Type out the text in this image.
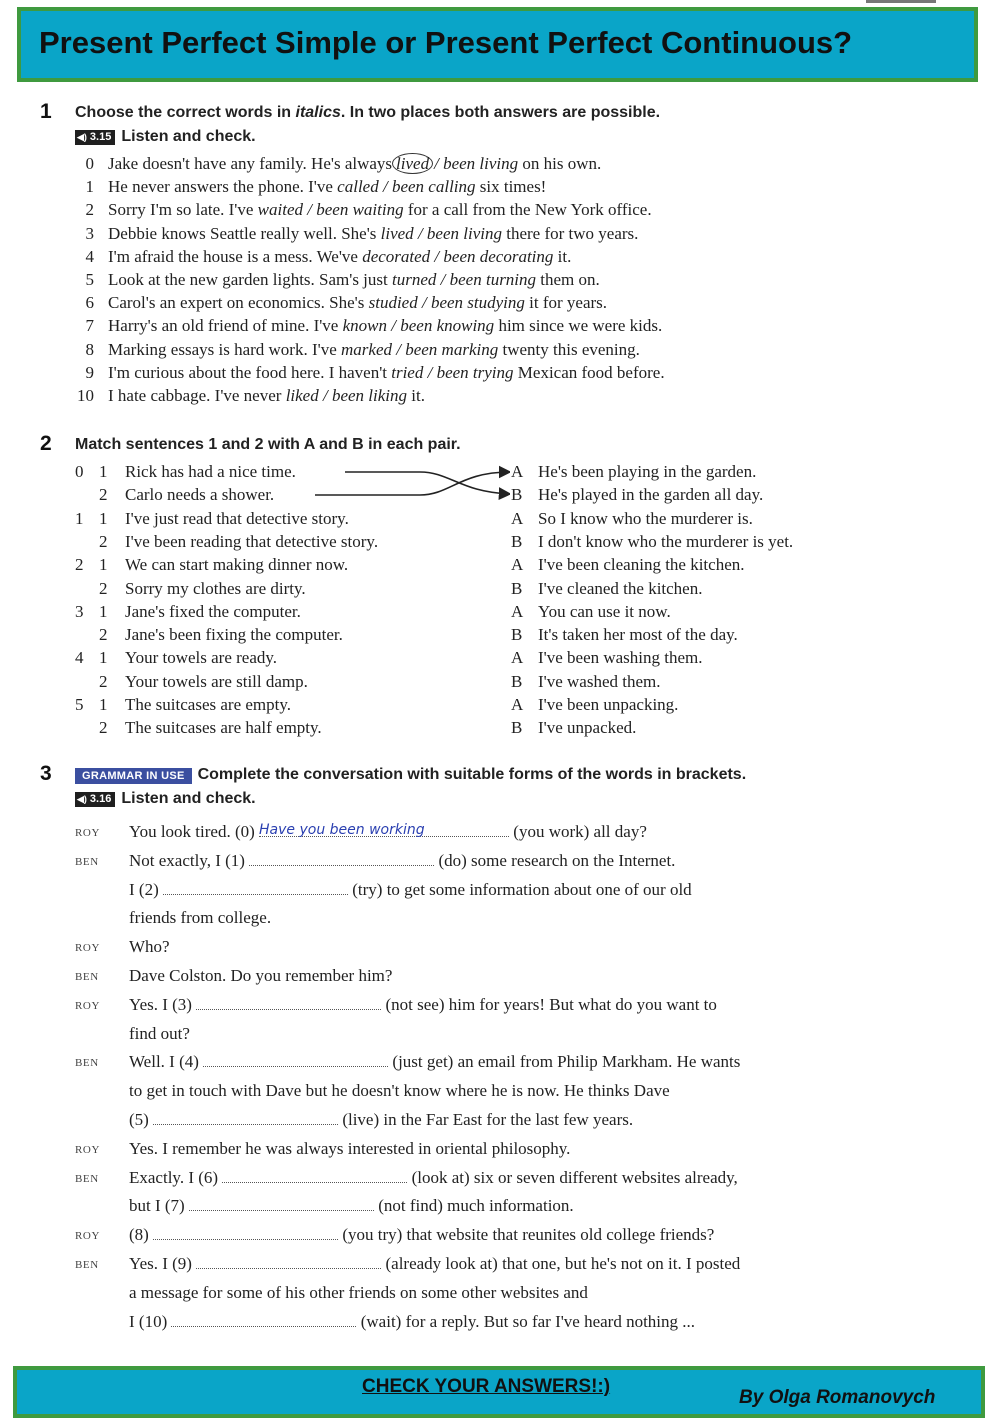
Present Perfect Simple or Present Perfect Continuous?
1 Choose the correct words in italics. In two places both answers are possible.
◀) 3.15 Listen and check.
0 Jake doesn't have any family. He's always lived / been living on his own.
1 He never answers the phone. I've called / been calling six times!
2 Sorry I'm so late. I've waited / been waiting for a call from the New York office.
3 Debbie knows Seattle really well. She's lived / been living there for two years.
4 I'm afraid the house is a mess. We've decorated / been decorating it.
5 Look at the new garden lights. Sam's just turned / been turning them on.
6 Carol's an expert on economics. She's studied / been studying it for years.
7 Harry's an old friend of mine. I've known / been knowing him since we were kids.
8 Marking essays is hard work. I've marked / been marking twenty this evening.
9 I'm curious about the food here. I haven't tried / been trying Mexican food before.
10 I hate cabbage. I've never liked / been liking it.
2 Match sentences 1 and 2 with A and B in each pair.
0 1 Rick has had a nice time.	A He's been playing in the garden.
2 Carlo needs a shower.	B He's played in the garden all day.
1 1 I've just read that detective story.	A So I know who the murderer is.
2 I've been reading that detective story.	B I don't know who the murderer is yet.
2 1 We can start making dinner now.	A I've been cleaning the kitchen.
2 Sorry my clothes are dirty.	B I've cleaned the kitchen.
3 1 Jane's fixed the computer.	A You can use it now.
2 Jane's been fixing the computer.	B It's taken her most of the day.
4 1 Your towels are ready.	A I've been washing them.
2 Your towels are still damp.	B I've washed them.
5 1 The suitcases are empty.	A I've been unpacking.
2 The suitcases are half empty.	B I've unpacked.
3	GRAMMAR IN USE Complete the conversation with suitable forms of the words in brackets.
◀) 3.16 Listen and check.
ROY You look tired. (0) Have you been working	(you work) all day?
BEN Not exactly, I (1)	(do) some research on the Internet.
I (2)	(try) to get some information about one of our old
friends from college.
ROY Who?
BEN Dave Colston. Do you remember him?
ROY Yes. I (3)	(not see) him for years! But what do you want to
find out?
BEN Well. I (4)	(just get) an email from Philip Markham. He wants
to get in touch with Dave but he doesn't know where he is now. He thinks Dave
(5)	(live) in the Far East for the last few years.
ROY Yes. I remember he was always interested in oriental philosophy.
BEN Exactly. I (6)	(look at) six or seven different websites already,
but I (7)	(not find) much information.
ROY (8)	(you try) that website that reunites old college friends?
BEN Yes. I (9)	(already look at) that one, but he's not on it. I posted
a message for some of his other friends on some other websites and
I (10)	(wait) for a reply. But so far I've heard nothing ...
CHECK YOUR ANSWERS!:)
By Olga Romanovych
